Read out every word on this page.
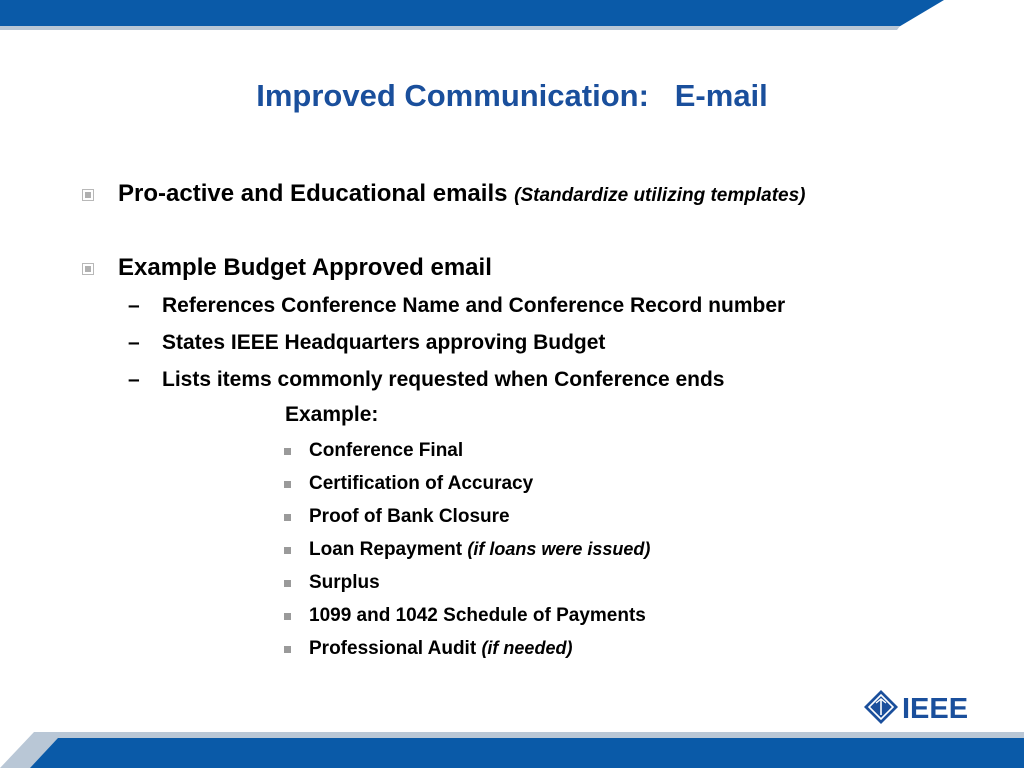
Improved Communication:   E-mail
Pro-active and Educational emails (Standardize utilizing templates)
Example Budget Approved email
– References Conference Name and Conference Record number
– States IEEE Headquarters approving Budget
– Lists items commonly requested when Conference ends
Example:
Conference Final
Certification of Accuracy
Proof of Bank Closure
Loan Repayment (if loans were issued)
Surplus
1099 and 1042 Schedule of Payments
Professional Audit (if needed)
IEEE
